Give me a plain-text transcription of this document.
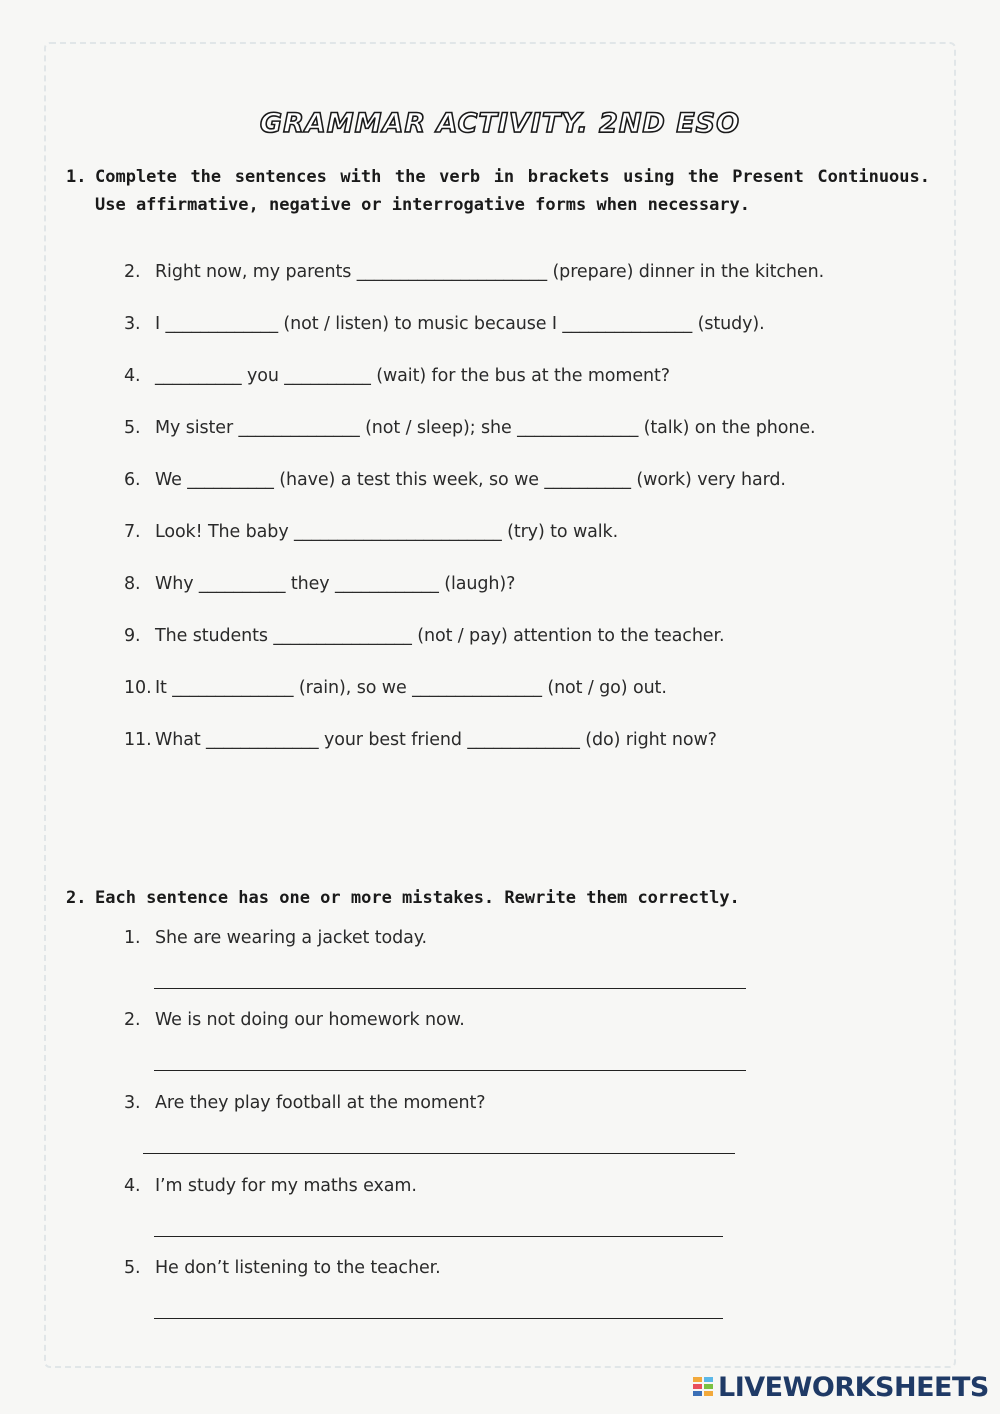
GRAMMAR ACTIVITY. 2ND ESO
1. Complete the sentences with the verb in brackets using the Present Continuous. Use affirmative, negative or interrogative forms when necessary.
2. Right now, my parents ______________________ (prepare) dinner in the kitchen.
3. I _____________ (not / listen) to music because I _______________ (study).
4. __________ you __________ (wait) for the bus at the moment?
5. My sister ______________ (not / sleep); she ______________ (talk) on the phone.
6. We __________ (have) a test this week, so we __________ (work) very hard.
7. Look! The baby ________________________ (try) to walk.
8. Why __________ they ____________ (laugh)?
9. The students ________________ (not / pay) attention to the teacher.
10. It ______________ (rain), so we _______________ (not / go) out.
11. What _____________ your best friend _____________ (do) right now?
2. Each sentence has one or more mistakes. Rewrite them correctly.
1. She are wearing a jacket today.
2. We is not doing our homework now.
3. Are they play football at the moment?
4. I’m study for my maths exam.
5. He don’t listening to the teacher.
LIVEWORKSHEETS
